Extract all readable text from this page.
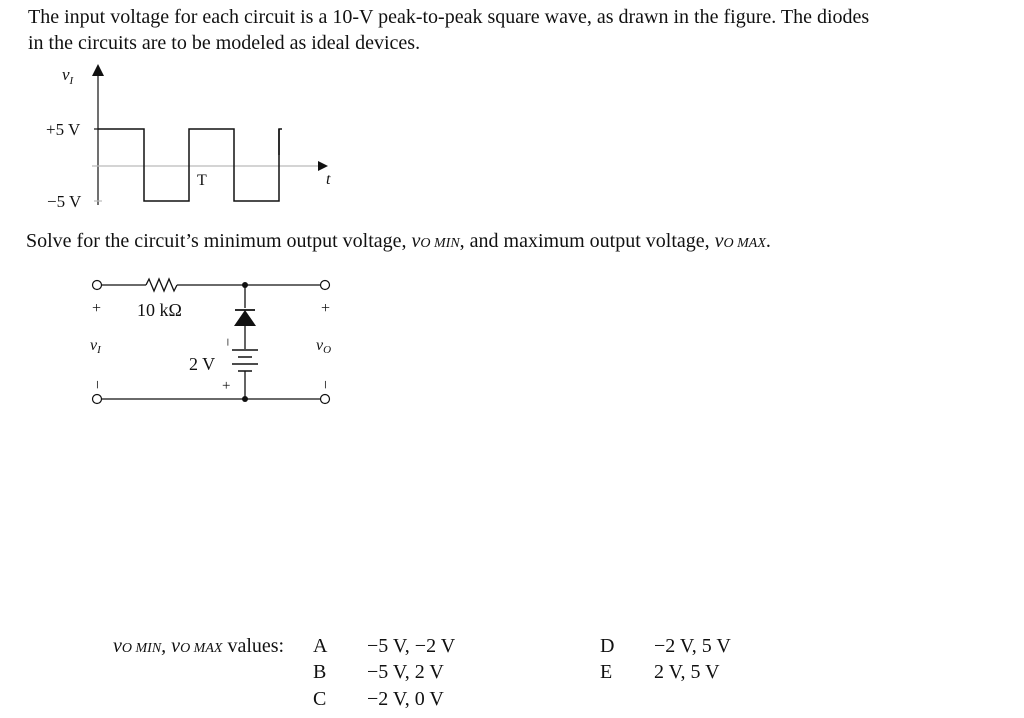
The input voltage for each circuit is a 10-V peak-to-peak square wave, as drawn in the figure. The diodes
in the circuits are to be modeled as ideal devices.
$v_I$
+5 V
−5 V
T	t
Solve for the circuit’s minimum output voltage, vO MIN, and maximum output voltage, vO MAX.
10 kΩ
+
vI
−
+
vO
−
2 V
−
+
vO MIN, vO MAX values: A −5 V, −2 V
B −5 V, 2 V
C −2 V, 0 V
D −2 V, 5 V
E 2 V, 5 V
